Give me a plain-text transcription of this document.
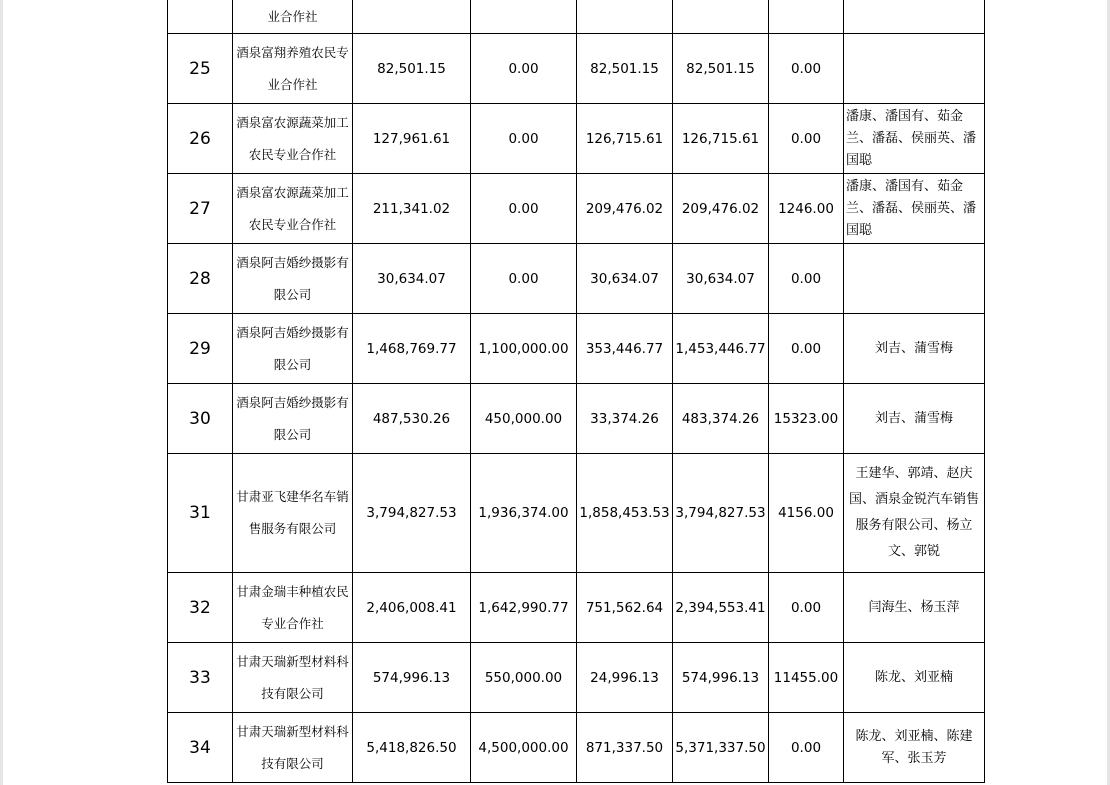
	业合作社						

25	酒泉富翔养殖农民专业合作社	82,501.15	0.00	82,501.15	82,501.15	0.00	
26	酒泉富农源蔬菜加工农民专业合作社	127,961.61	0.00	126,715.61	126,715.61	0.00	潘康、潘国有、茹金兰、潘磊、侯丽英、潘国聪
27	酒泉富农源蔬菜加工农民专业合作社	211,341.02	0.00	209,476.02	209,476.02	1246.00	潘康、潘国有、茹金兰、潘磊、侯丽英、潘国聪
28	酒泉阿吉婚纱摄影有限公司	30,634.07	0.00	30,634.07	30,634.07	0.00	
29	酒泉阿吉婚纱摄影有限公司	1,468,769.77	1,100,000.00	353,446.77	1,453,446.77	0.00	刘吉、蒲雪梅
30	酒泉阿吉婚纱摄影有限公司	487,530.26	450,000.00	33,374.26	483,374.26	15323.00	刘吉、蒲雪梅
31	甘肃亚飞建华名车销售服务有限公司	3,794,827.53	1,936,374.00	1,858,453.53	3,794,827.53	4156.00	王建华、郭靖、赵庆国、酒泉金锐汽车销售服务有限公司、杨立文、郭锐
32	甘肃金瑞丰种植农民专业合作社	2,406,008.41	1,642,990.77	751,562.64	2,394,553.41	0.00	闫海生、杨玉萍
33	甘肃天瑞新型材料科技有限公司	574,996.13	550,000.00	24,996.13	574,996.13	11455.00	陈龙、刘亚楠
34	甘肃天瑞新型材料科技有限公司	5,418,826.50	4,500,000.00	871,337.50	5,371,337.50	0.00	陈龙、刘亚楠、陈建军、张玉芳
